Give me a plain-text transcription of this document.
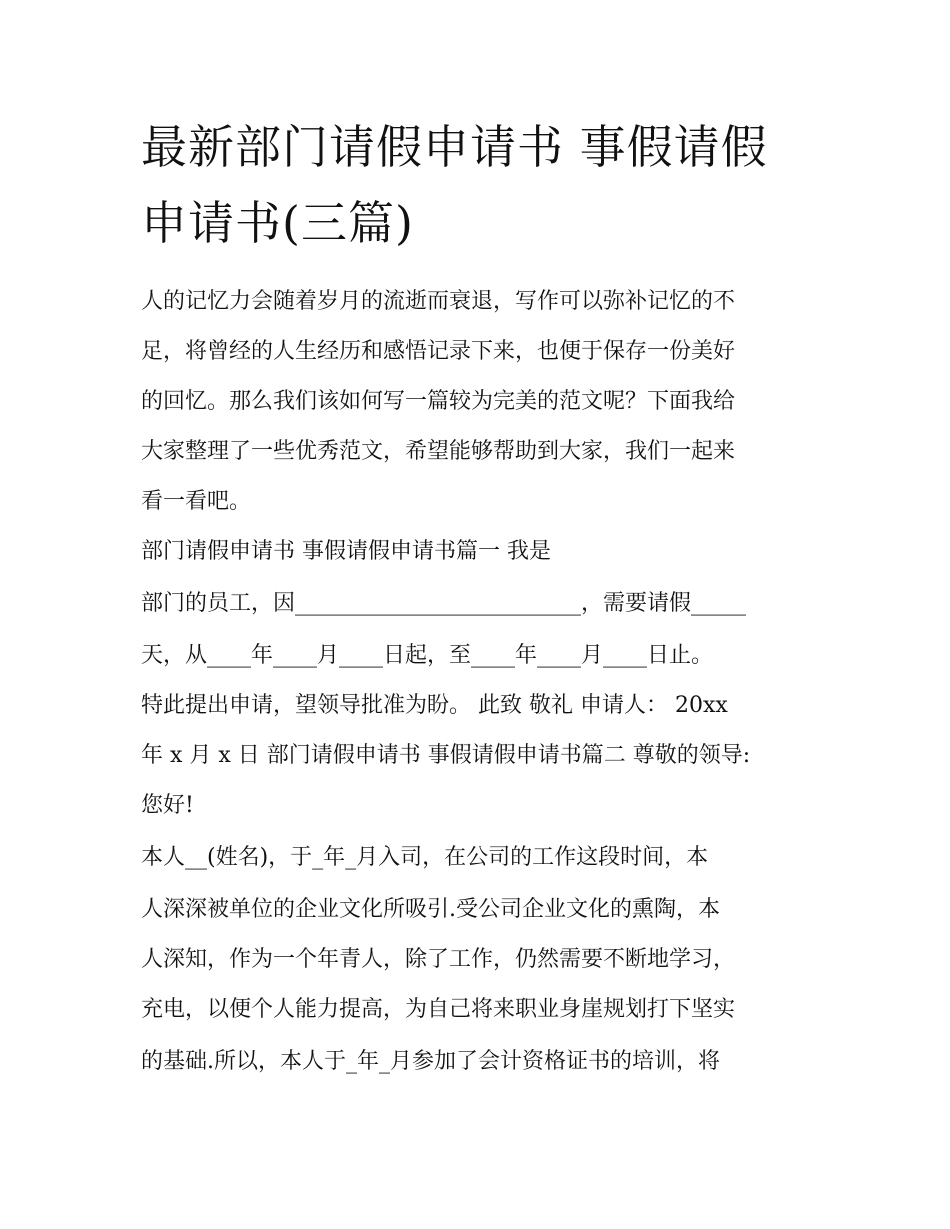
最新部门请假申请书 事假请假
申请书(三篇)
人的记忆力会随着岁月的流逝而衰退，写作可以弥补记忆的不
足，将曾经的人生经历和感悟记录下来，也便于保存一份美好
的回忆。那么我们该如何写一篇较为完美的范文呢？下面我给
大家整理了一些优秀范文，希望能够帮助到大家，我们一起来
看一看吧。
部门请假申请书 事假请假申请书篇一 我是
部门的员工，因__________________________，需要请假_____
天，从____年____月____日起，至____年____月____日止。
特此提出申请，望领导批准为盼。 此致 敬礼 申请人： 20xx
年 x 月 x 日 部门请假申请书 事假请假申请书篇二 尊敬的领导:
您好!
本人__(姓名)，于_年_月入司，在公司的工作这段时间，本
人深深被单位的企业文化所吸引.受公司企业文化的熏陶，本
人深知，作为一个年青人，除了工作，仍然需要不断地学习，
充电，以便个人能力提高，为自己将来职业身崖规划打下坚实
的基础.所以，本人于_年_月参加了会计资格证书的培训，将
